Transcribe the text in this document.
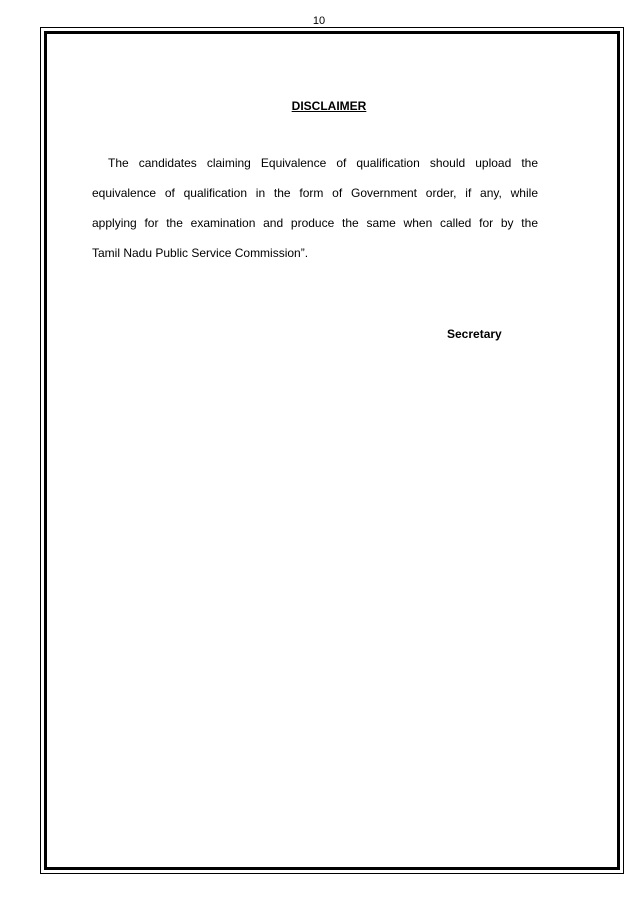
10
DISCLAIMER
The candidates claiming Equivalence of qualification should upload the
equivalence of qualification in the form of Government order, if any, while
applying for the examination and produce the same when called for by the
Tamil Nadu Public Service Commission”.
Secretary
